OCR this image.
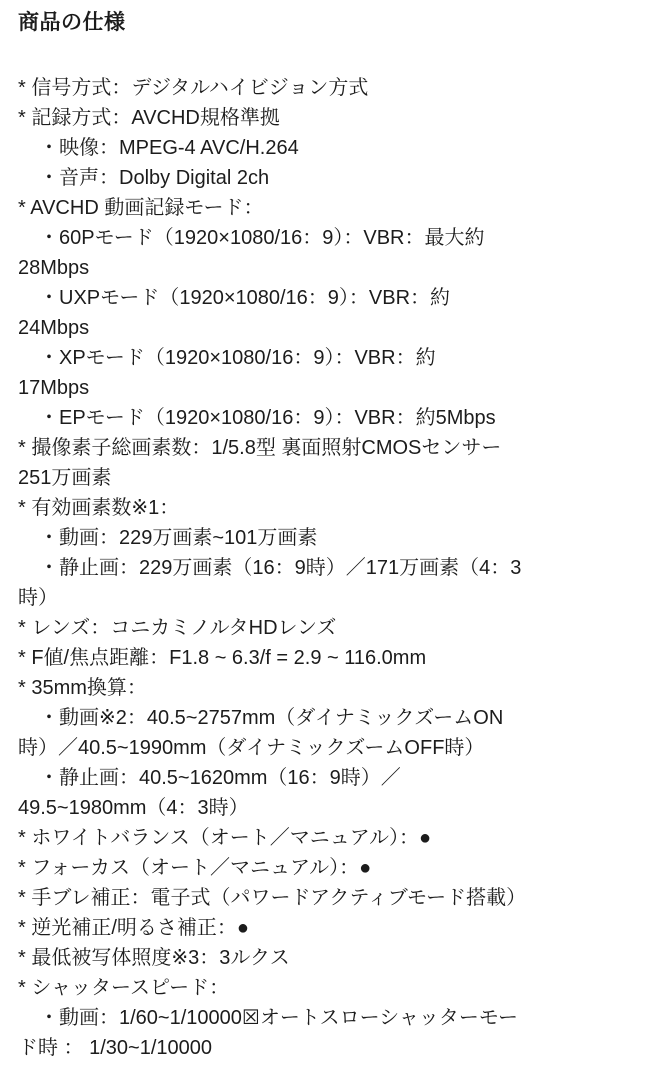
商品の仕様
* 信号方式：デジタルハイビジョン方式
* 記録方式：AVCHD規格準拠
・映像：MPEG-4 AVC/H.264
・音声：Dolby Digital 2ch
* AVCHD 動画記録モード：
・60Pモード（1920×1080/16：9）：VBR：最大約
28Mbps
・UXPモード（1920×1080/16：9）：VBR：約
24Mbps
・XPモード（1920×1080/16：9）：VBR：約
17Mbps
・EPモード（1920×1080/16：9）：VBR：約5Mbps
* 撮像素子総画素数：1/5.8型 裏面照射CMOSセンサー
251万画素
* 有効画素数※1：
・動画：229万画素~101万画素
・静止画：229万画素（16：9時）／171万画素（4：3
時）
* レンズ：コニカミノルタHDレンズ
* F値/焦点距離：F1.8 ~ 6.3/f = 2.9 ~ 116.0mm
* 35mm換算：
・動画※2：40.5~2757mm（ダイナミックズームON
時）／40.5~1990mm（ダイナミックズームOFF時）
・静止画：40.5~1620mm（16：9時）／
49.5~1980mm（4：3時）
* ホワイトバランス（オート／マニュアル）：●
* フォーカス（オート／マニュアル）：●
* 手ブレ補正：電子式（パワードアクティブモード搭載）
* 逆光補正/明るさ補正：●
* 最低被写体照度※3：3ルクス
* シャッタースピード：
・動画：1/60~1/10000☒オートスローシャッターモー
ド時 ： 1/30~1/10000
